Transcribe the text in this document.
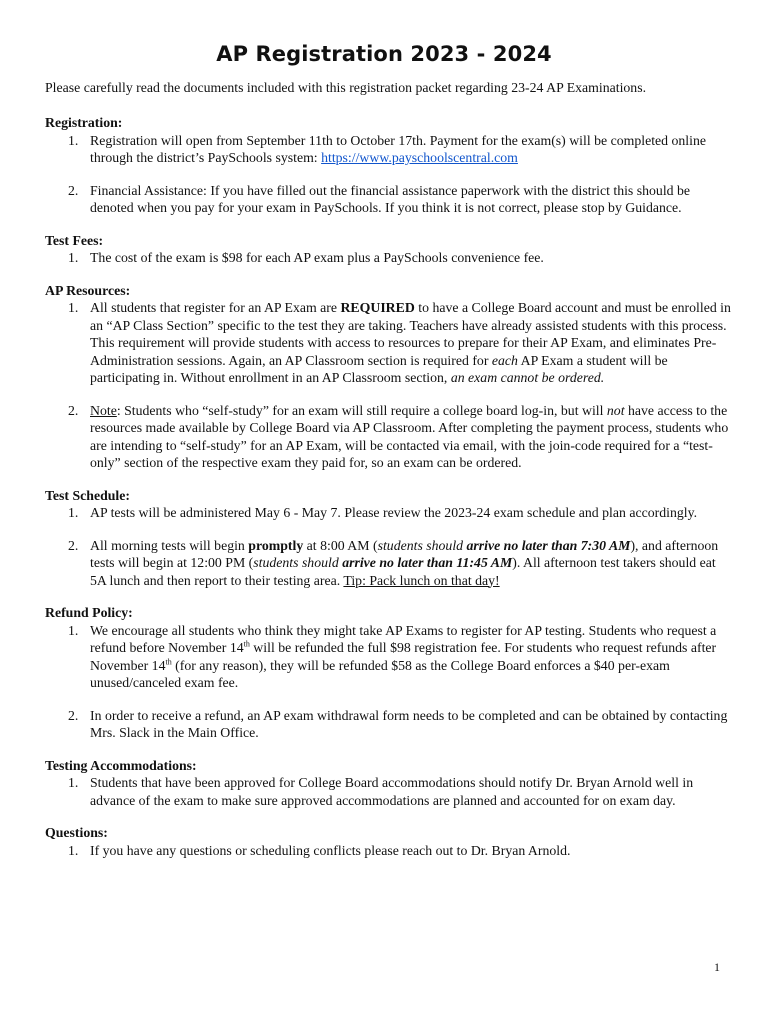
AP Registration 2023 - 2024
Please carefully read the documents included with this registration packet regarding 23-24 AP Examinations.
Registration:
1. Registration will open from September 11th to October 17th. Payment for the exam(s) will be completed online through the district’s PaySchools system: https://www.payschoolscentral.com
2. Financial Assistance: If you have filled out the financial assistance paperwork with the district this should be denoted when you pay for your exam in PaySchools. If you think it is not correct, please stop by Guidance.
Test Fees:
1. The cost of the exam is $98 for each AP exam plus a PaySchools convenience fee.
AP Resources:
1. All students that register for an AP Exam are REQUIRED to have a College Board account and must be enrolled in an “AP Class Section” specific to the test they are taking. Teachers have already assisted students with this process. This requirement will provide students with access to resources to prepare for their AP Exam, and eliminates Pre-Administration sessions. Again, an AP Classroom section is required for each AP Exam a student will be participating in. Without enrollment in an AP Classroom section, an exam cannot be ordered.
2. Note: Students who “self-study” for an exam will still require a college board log-in, but will not have access to the resources made available by College Board via AP Classroom. After completing the payment process, students who are intending to “self-study” for an AP Exam, will be contacted via email, with the join-code required for a “test-only” section of the respective exam they paid for, so an exam can be ordered.
Test Schedule:
1. AP tests will be administered May 6 - May 7. Please review the 2023-24 exam schedule and plan accordingly.
2. All morning tests will begin promptly at 8:00 AM (students should arrive no later than 7:30 AM), and afternoon tests will begin at 12:00 PM (students should arrive no later than 11:45 AM). All afternoon test takers should eat 5A lunch and then report to their testing area. Tip: Pack lunch on that day!
Refund Policy:
1. We encourage all students who think they might take AP Exams to register for AP testing. Students who request a refund before November 14th will be refunded the full $98 registration fee. For students who request refunds after November 14th (for any reason), they will be refunded $58 as the College Board enforces a $40 per-exam unused/canceled exam fee.
2. In order to receive a refund, an AP exam withdrawal form needs to be completed and can be obtained by contacting Mrs. Slack in the Main Office.
Testing Accommodations:
1. Students that have been approved for College Board accommodations should notify Dr. Bryan Arnold well in advance of the exam to make sure approved accommodations are planned and accounted for on exam day.
Questions:
1. If you have any questions or scheduling conflicts please reach out to Dr. Bryan Arnold.
1
